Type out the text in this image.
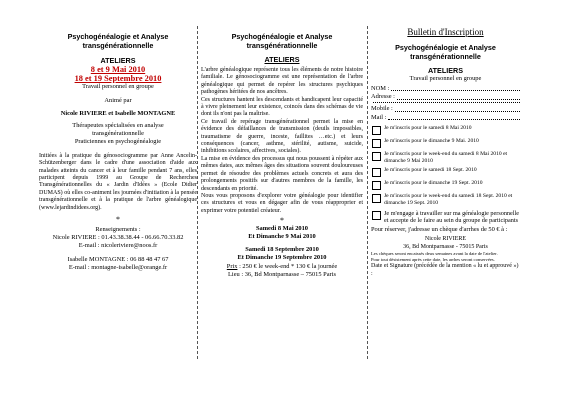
Psychogénéalogie et Analyse transgénérationnelle
ATELIERS
8 et 9 Mai 2010
18 et 19 Septembre 2010
Travail personnel en groupe
Animé par
Nicole RIVIERE et Isabelle MONTAGNE
Thérapeutes spécialisées en analyse transgénérationnelle
Praticiennes en psychogénéalogie
Initiées à la pratique du génosociogramme par Anne Ancelin-Schützenberger dans le cadre d'une association d'aide aux malades atteints du cancer et à leur famille pendant 7 ans, elles participent depuis 1999 au Groupe de Recherches Transgénérationnelles du « Jardin d'Idées » (Ecole Didier DUMAS) où elles co-animent les journées d'initiation à la pensée transgénérationnelle et à la pratique de l'arbre généalogique (www.lejardindidees.org).
*
Renseignements :
Nicole RIVIERE : 01.43.38.38.44 - 06.66.70.33.82
E-mail : nicoleriviere@noos.fr
Isabelle MONTAGNE : 06 88 48 47 67
E-mail : montagne-isabelle@orange.fr
Psychogénéalogie et Analyse transgénérationnelle
ATELIERS
L'arbre généalogique représente tous les éléments de notre histoire familiale. Le génosociogramme est une représentation de l'arbre généalogique qui permet de repérer les structures psychiques pathogènes héritées de nos ancêtres.
Ces structures hantent les descendants et handicapent leur capacité à vivre pleinement leur existence, coincés dans des schémas de vie dont ils n'ont pas la maîtrise.
Ce travail de repérage transgénérationnel permet la mise en évidence des défaillances de transmission (deuils impossibles, traumatisme de guerre, inceste, faillites …etc.) et leurs conséquences (cancer, asthme, stérilité, autisme, suicide, inhibitions scolaires, affectives, sociales).
La mise en évidence des processus qui nous poussent à répéter aux mêmes dates, aux mêmes âges des situations souvent douloureuses permet de résoudre des problèmes actuels concrets et aura des prolongements positifs sur d'autres membres de la famille, les descendants en priorité.
Nous vous proposons d'explorer votre généalogie pour identifier ces structures et vous en dégager afin de vous réapproprier et exprimer votre potentiel créateur.
*
Samedi 8 Mai 2010
Et Dimanche 9 Mai 2010
Samedi 18 Septembre 2010
Et Dimanche 19 Septembre 2010
Prix : 250 € le week-end * 130 € la journée
Lieu : 36, Bd Montparnasse – 75015 Paris
Bulletin d'Inscription
Psychogénéalogie et Analyse transgénérationnelle
ATELIERS
Travail personnel en groupe
NOM :
Adresse :
Mobile :
Mail :
Je m'inscris pour le samedi 8 Mai 2010
Je m'inscris pour le dimanche 9 Mai. 2010
Je m'inscris pour le week-end du samedi 8 Mai 2010 et dimanche 9 Mai 2010
Je m'inscris pour le samedi 18 Sept. 2010
Je m'inscris pour le dimanche 19 Sept. 2010
Je m'inscris pour le week-end du samedi 18 Sept. 2010 et dimanche 19 Sept. 2010
Je m'engage à travailler sur ma généalogie personnelle et accepte de le faire au sein du groupe de participants
Pour réserver, j'adresse un chèque d'arrhes de 50 € à :
Nicole RIVIERE
36, Bd Montparnasse - 75015 Paris
Les chèques seront encaissés deux semaines avant la date de l'atelier.
Pour tout désistement après cette date, les arrhes seront conservées.
Date et Signature (précédée de la mention « lu et approuvé ») :
